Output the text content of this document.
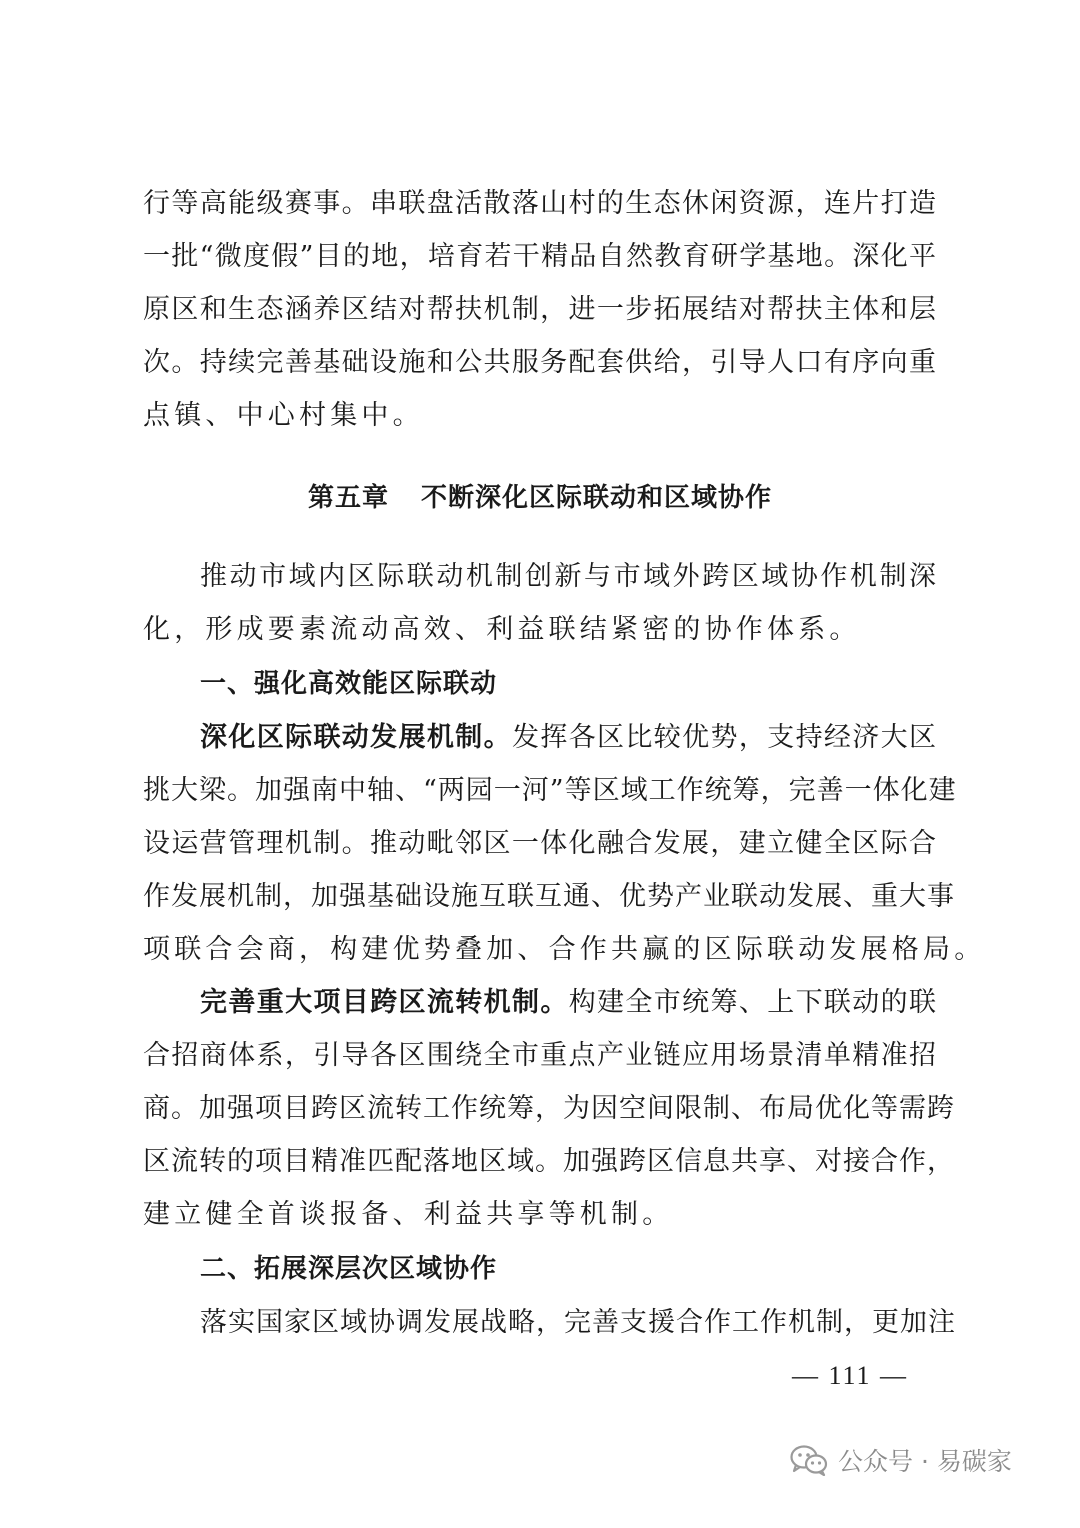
行等高能级赛事。串联盘活散落山村的生态休闲资源，连片打造
一批“微度假”目的地，培育若干精品自然教育研学基地。深化平
原区和生态涵养区结对帮扶机制，进一步拓展结对帮扶主体和层
次。持续完善基础设施和公共服务配套供给，引导人口有序向重
点镇、中心村集中。
第五章 不断深化区际联动和区域协作
推动市域内区际联动机制创新与市域外跨区域协作机制深
化，形成要素流动高效、利益联结紧密的协作体系。
一、强化高效能区际联动
深化区际联动发展机制。发挥各区比较优势，支持经济大区
挑大梁。加强南中轴、“两园一河”等区域工作统筹，完善一体化建
设运营管理机制。推动毗邻区一体化融合发展，建立健全区际合
作发展机制，加强基础设施互联互通、优势产业联动发展、重大事
项联合会商，构建优势叠加、合作共赢的区际联动发展格局。
完善重大项目跨区流转机制。构建全市统筹、上下联动的联
合招商体系，引导各区围绕全市重点产业链应用场景清单精准招
商。加强项目跨区流转工作统筹，为因空间限制、布局优化等需跨
区流转的项目精准匹配落地区域。加强跨区信息共享、对接合作，
建立健全首谈报备、利益共享等机制。
二、拓展深层次区域协作
落实国家区域协调发展战略，完善支援合作工作机制，更加注
— 111 —
公众号 · 易碳家
